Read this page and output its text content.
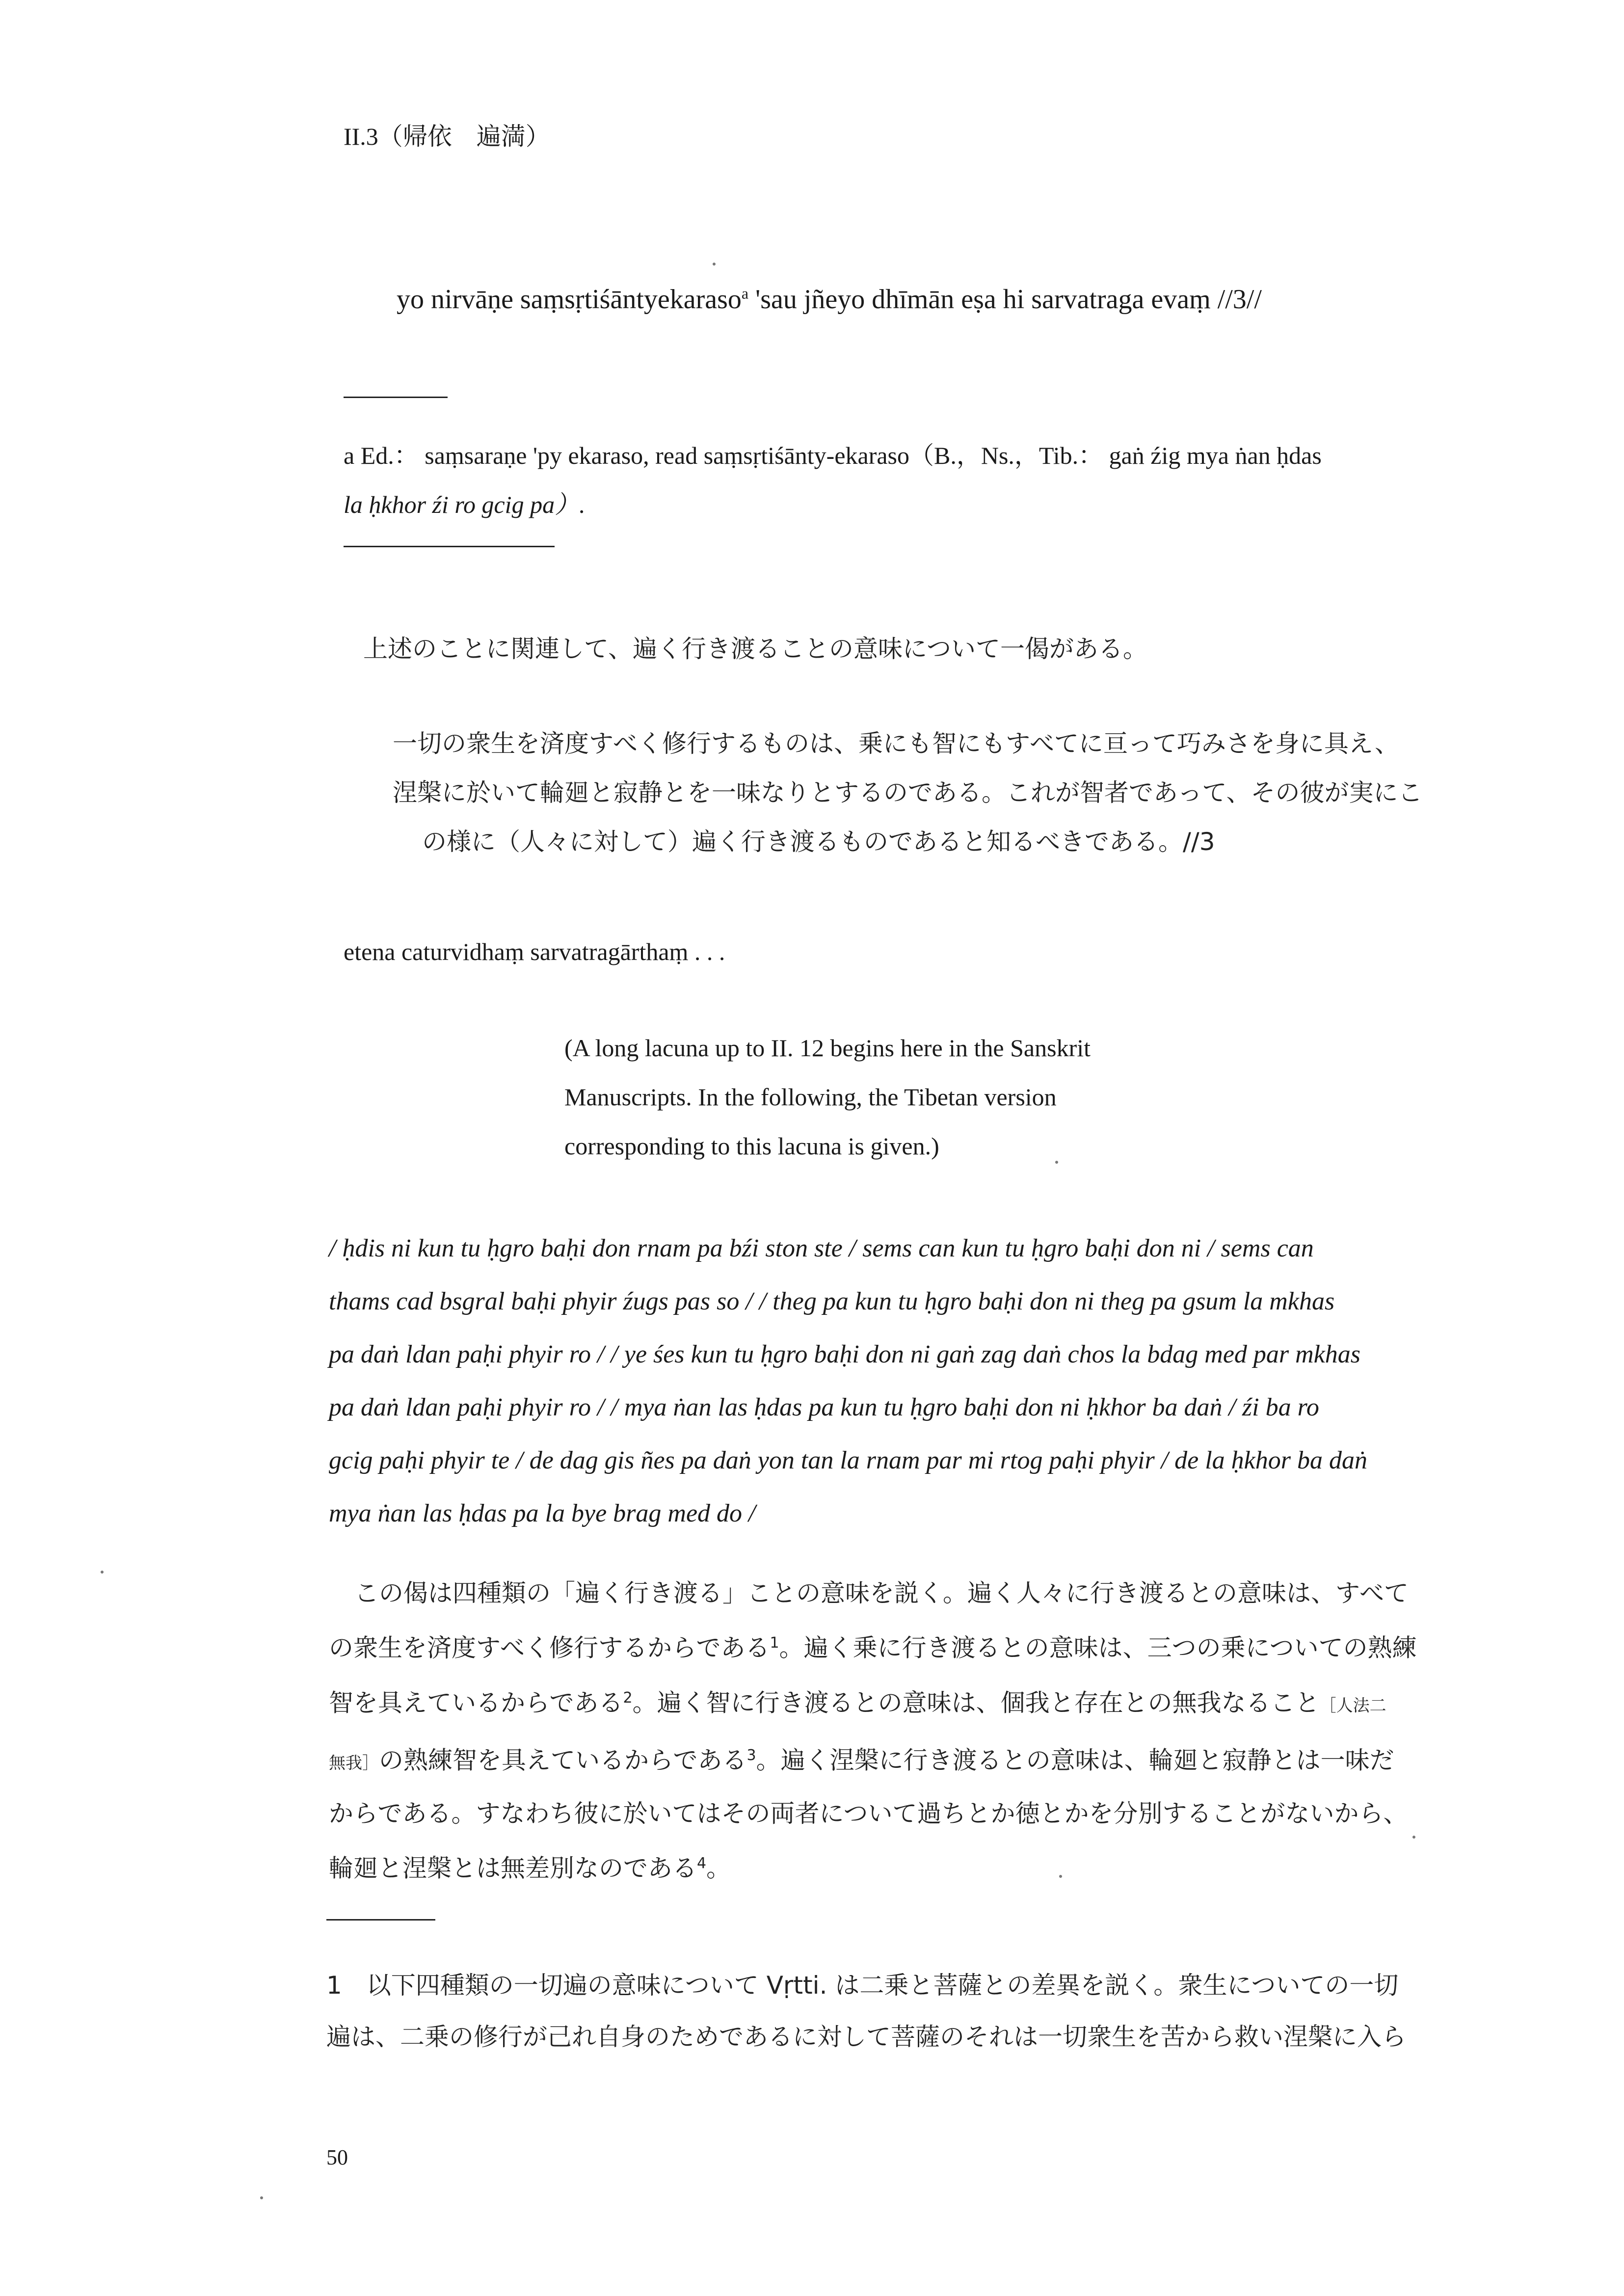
II.3（帰依　遍満）
yo nirvāṇe saṃsṛtiśāntyekaraso$^a$ 'sau jñeyo dhīmān eṣa hi sarvatraga evaṃ //3//
a Ed.： saṃsaraṇe 'py ekaraso, read saṃsṛtiśānty-ekaraso（B.，Ns.，Tib.： gaṅ źig mya ṅan ḥdas
la ḥkhor źi ro gcig pa）.
上述のことに関連して、遍く行き渡ることの意味について一偈がある。
一切の衆生を済度すべく修行するものは、乗にも智にもすべてに亘って巧みさを身に具え、
涅槃に於いて輪廻と寂静とを一味なりとするのである。これが智者であって、その彼が実にこ
の様に（人々に対して）遍く行き渡るものであると知るべきである。//3
etena caturvidhaṃ sarvatragārthaṃ . . .
(A long lacuna up to II. 12 begins here in the Sanskrit
Manuscripts. In the following, the Tibetan version
corresponding to this lacuna is given.)
/ ḥdis ni kun tu ḥgro baḥi don rnam pa bźi ston ste / sems can kun tu ḥgro baḥi don ni / sems can
thams cad bsgral baḥi phyir źugs pas so / / theg pa kun tu ḥgro baḥi don ni theg pa gsum la mkhas
pa daṅ ldan paḥi phyir ro / / ye śes kun tu ḥgro baḥi don ni gaṅ zag daṅ chos la bdag med par mkhas
pa daṅ ldan paḥi phyir ro / / mya ṅan las ḥdas pa kun tu ḥgro baḥi don ni ḥkhor ba daṅ / źi ba ro
gcig paḥi phyir te / de dag gis ñes pa daṅ yon tan la rnam par mi rtog paḥi phyir / de la ḥkhor ba daṅ
mya ṅan las ḥdas pa la bye brag med do /
この偈は四種類の「遍く行き渡る」ことの意味を説く。遍く人々に行き渡るとの意味は、すべて
の衆生を済度すべく修行するからである$^1$。遍く乗に行き渡るとの意味は、三つの乗についての熟練
智を具えているからである$^2$。遍く智に行き渡るとの意味は、個我と存在との無我なること［人法二
無我］の熟練智を具えているからである$^3$。遍く涅槃に行き渡るとの意味は、輪廻と寂静とは一味だ
からである。すなわち彼に於いてはその両者について過ちとか徳とかを分別することがないから、
輪廻と涅槃とは無差別なのである$^4$。
1　以下四種類の一切遍の意味について Vṛtti. は二乗と菩薩との差異を説く。衆生についての一切
遍は、二乗の修行が己れ自身のためであるに対して菩薩のそれは一切衆生を苦から救い涅槃に入ら
50
